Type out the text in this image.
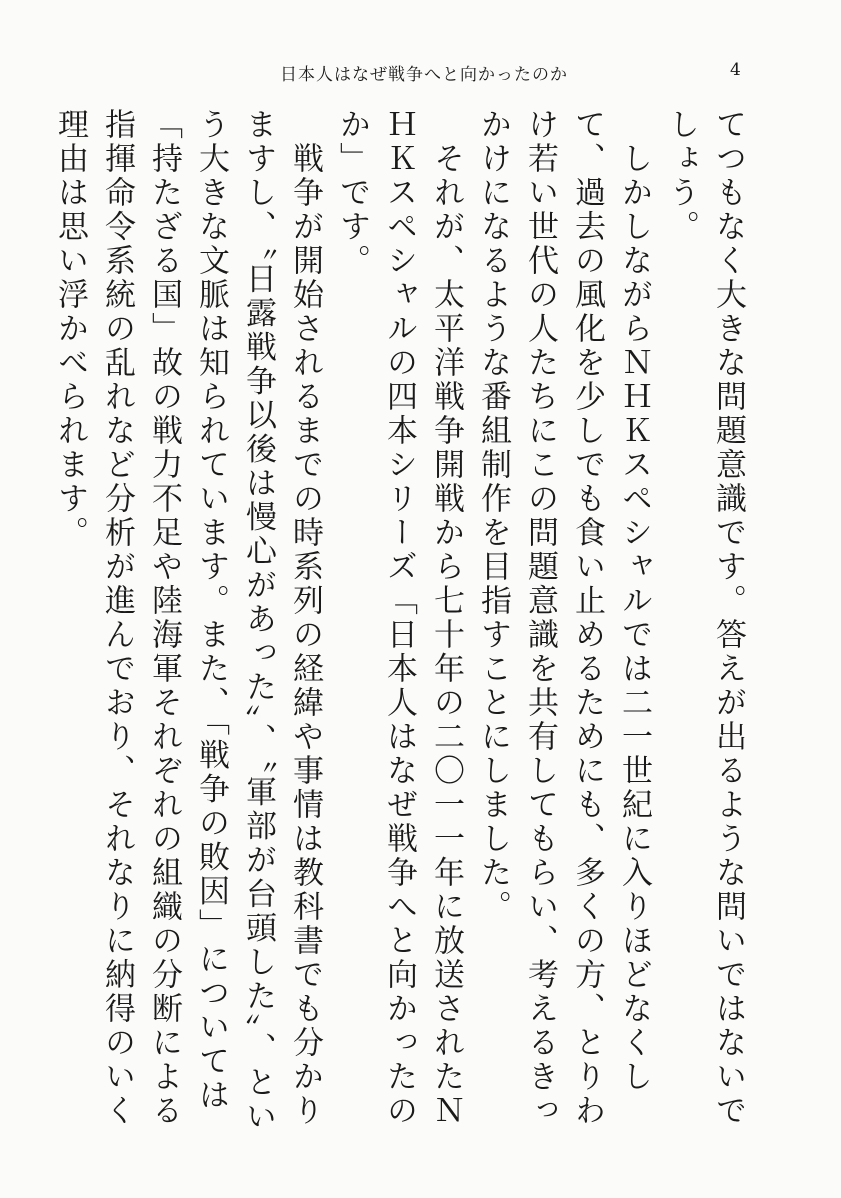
日本人はなぜ戦争へと向かったのか	4

てつもなく大きな問題意識です。答えが出るような問いではないでしょう。

　しかしながらＮＨＫスペシャルでは二一世紀に入りほどなくして、過去の風化を少しでも食い止めるためにも、多くの方、とりわけ若い世代の人たちにこの問題意識を共有してもらい、考えるきっかけになるような番組制作を目指すことにしました。

　それが、太平洋戦争開戦から七十年の二〇一一年に放送されたＮＨＫスペシャルの四本シリーズ「日本人はなぜ戦争へと向かったのか」です。

　戦争が開始されるまでの時系列の経緯や事情は教科書でも分かりますし、〝日露戦争以後は慢心があった〟、〝軍部が台頭した〟、という大きな文脈は知られています。また、「戦争の敗因」については「持たざる国」故の戦力不足や陸海軍それぞれの組織の分断による指揮命令系統の乱れなど分析が進んでおり、それなりに納得のいく理由は思い浮かべられます。
